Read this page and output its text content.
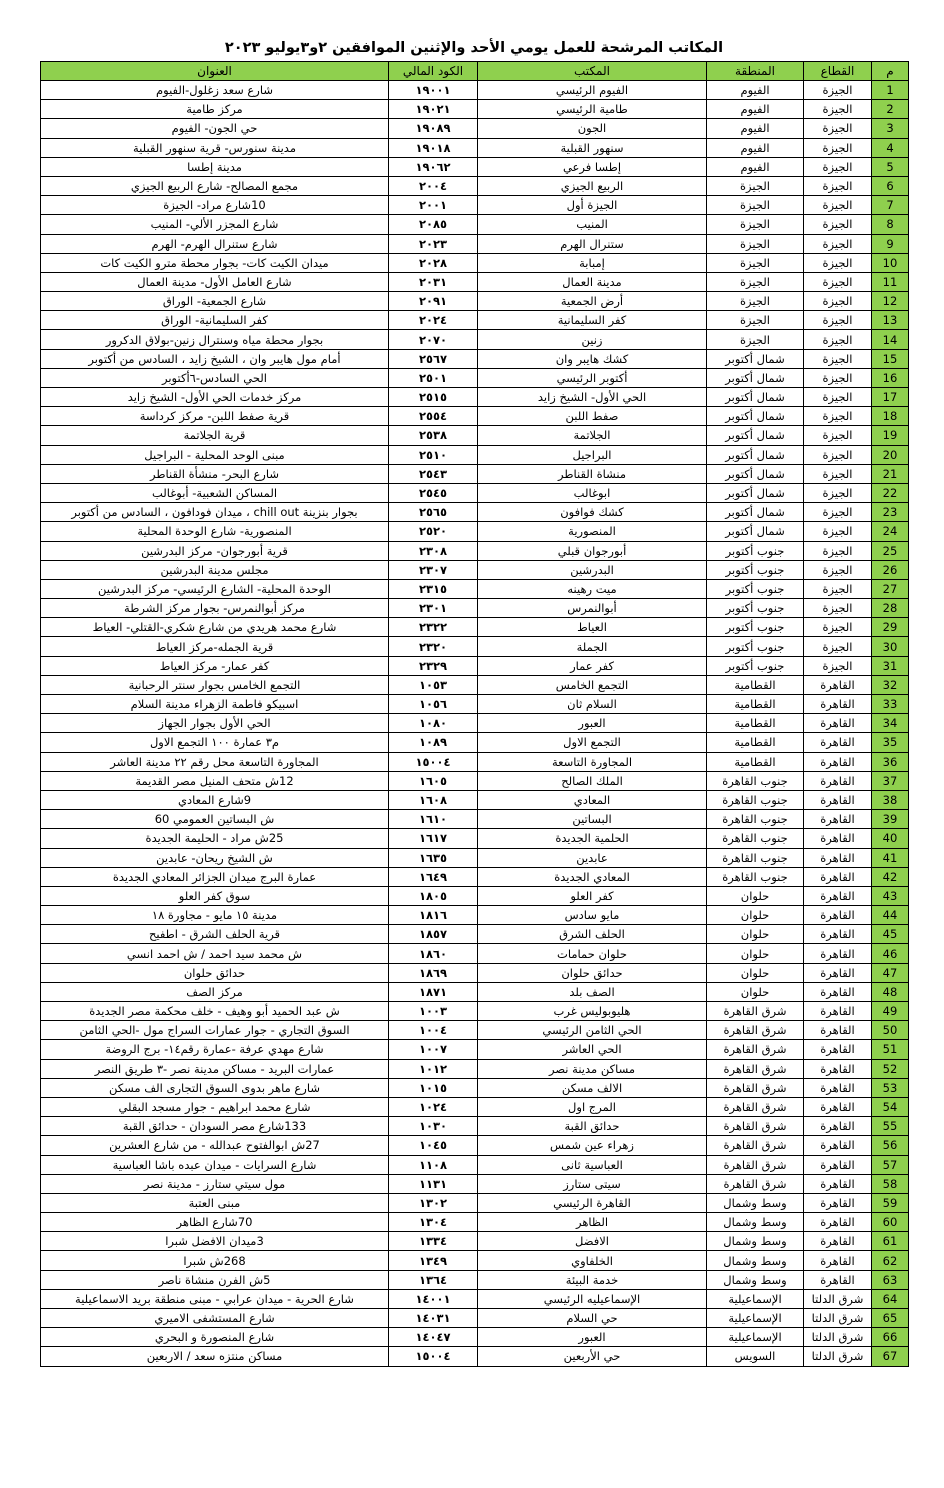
المكاتب المرشحة للعمل يومي الأحد والإثنين الموافقين ٢و٣يوليو ٢٠٢٣
م	القطاع	المنطقة	المكتب	الكود المالي	العنوان
1	الجيزة	الفيوم	الفيوم الرئيسي	١٩٠٠١	شارع سعد زغلول-الفيوم
2	الجيزة	الفيوم	طامية الرئيسي	١٩٠٢١	مركز طامية
3	الجيزة	الفيوم	الجون	١٩٠٨٩	حي الجون- الفيوم
4	الجيزة	الفيوم	سنهور القبلية	١٩٠١٨	مدينة سنورس- قرية سنهور القبلية
5	الجيزة	الفيوم	إطسا فرعي	١٩٠٦٢	مدينة إطسا
6	الجيزة	الجيزة	الربيع الجيزي	٢٠٠٤	مجمع المصالح- شارع الربيع الجيزي
7	الجيزة	الجيزة	الجيزة أول	٢٠٠١	10شارع مراد- الجيزة
8	الجيزة	الجيزة	المنيب	٢٠٨٥	شارع المجزر الألي- المنيب
9	الجيزة	الجيزة	ستنرال الهرم	٢٠٢٣	شارع ستنرال الهرم- الهرم
10	الجيزة	الجيزة	إمبابة	٢٠٢٨	ميدان الكيت كات- بجوار محطة مترو الكيت كات
11	الجيزة	الجيزة	مدينة العمال	٢٠٣١	شارع العامل الأول- مدينة العمال
12	الجيزة	الجيزة	أرض الجمعية	٢٠٩١	شارع الجمعية- الوراق
13	الجيزة	الجيزة	كفر السليمانية	٢٠٢٤	كفر السليمانية- الوراق
14	الجيزة	الجيزة	زنين	٢٠٧٠	بجوار محطة مياه وسنترال زنين-بولاق الدكرور
15	الجيزة	شمال أكتوبر	كشك هايبر وان	٢٥٦٧	أمام مول هايبر وان ، الشيخ زايد ، السادس من أكتوبر
16	الجيزة	شمال أكتوبر	أكتوبر الرئيسي	٢٥٠١	الحي السادس-٦أكتوبر
17	الجيزة	شمال أكتوبر	الحي الأول- الشيخ زايد	٢٥١٥	مركز خدمات الحي الأول- الشيخ زايد
18	الجيزة	شمال أكتوبر	صفط اللبن	٢٥٥٤	قرية صفط اللبن- مركز كرداسة
19	الجيزة	شمال أكتوبر	الجلاتمة	٢٥٣٨	قرية الجلاتمة
20	الجيزة	شمال أكتوبر	البراجيل	٢٥١٠	مبنى الوحد المحلية - البراجيل
21	الجيزة	شمال أكتوبر	منشاة القناطر	٢٥٤٣	شارع البحر- منشأة القناطر
22	الجيزة	شمال أكتوبر	ابوغالب	٢٥٤٥	المساكن الشعبية- أبوغالب
23	الجيزة	شمال أكتوبر	كشك فوافون	٢٥٦٥	بجوار بنزينة chill out ، ميدان فودافون ، السادس من أكتوبر
24	الجيزة	شمال أكتوبر	المنصورية	٢٥٢٠	المنصورية- شارع الوحدة المحلية
25	الجيزة	جنوب أكتوبر	أبورجوان قبلي	٢٣٠٨	قرية أبورجوان- مركز البدرشين
26	الجيزة	جنوب أكتوبر	البدرشين	٢٣٠٧	مجلس مدينة البدرشين
27	الجيزة	جنوب أكتوبر	ميت رهينه	٢٣١٥	الوحدة المحلية- الشارع الرئيسي- مركز البدرشين
28	الجيزة	جنوب أكتوبر	أبوالنمرس	٢٣٠١	مركز أبوالنمرس- بجوار مركز الشرطة
29	الجيزة	جنوب أكتوبر	العياط	٢٣٢٢	شارع محمد هريدي من شارع شكري-القتلي- العياط
30	الجيزة	جنوب أكتوبر	الجملة	٢٣٢٠	قرية الجمله-مركز العياط
31	الجيزة	جنوب أكتوبر	كفر عمار	٢٣٢٩	كفر عمار- مركز العياط
32	القاهرة	القطامية	التجمع الخامس	١٠٥٣	التجمع الخامس بجوار سنتر الرحبانية
33	القاهرة	القطامية	السلام ثان	١٠٥٦	اسبيكو فاطمة الزهراء مدينة السلام
34	القاهرة	القطامية	العبور	١٠٨٠	الحي الأول بجوار الجهاز
35	القاهرة	القطامية	التجمع الاول	١٠٨٩	م٣ عمارة ١٠٠ التجمع الاول
36	القاهرة	القطامية	المجاورة التاسعة	١٥٠٠٤	المجاورة التاسعة محل رقم ٢٢ مدينة العاشر
37	القاهرة	جنوب القاهرة	الملك الصالح	١٦٠٥	12ش متحف المنيل مصر القديمة
38	القاهرة	جنوب القاهرة	المعادي	١٦٠٨	9شارع المعادي
39	القاهرة	جنوب القاهرة	البساتين	١٦١٠	ش البساتين العمومي 60
40	القاهرة	جنوب القاهرة	الحلمية الجديدة	١٦١٧	25ش مراد - الحليمة الجديدة
41	القاهرة	جنوب القاهرة	عابدين	١٦٣٥	ش الشيخ ريحان- عابدين
42	القاهرة	جنوب القاهرة	المعادي الجديدة	١٦٤٩	عمارة البرج ميدان الجزائر المعادي الجديدة
43	القاهرة	حلوان	كفر العلو	١٨٠٥	سوق كفر العلو
44	القاهرة	حلوان	مايو سادس	١٨١٦	مدينة ١٥ مايو - مجاورة ١٨
45	القاهرة	حلوان	الحلف الشرق	١٨٥٧	قرية الحلف الشرق - اطفيح
46	القاهرة	حلوان	حلوان حمامات	١٨٦٠	ش محمد سيد احمد / ش احمد انسي
47	القاهرة	حلوان	حدائق حلوان	١٨٦٩	حدائق حلوان
48	القاهرة	حلوان	الصف بلد	١٨٧١	مركز الصف
49	القاهرة	شرق القاهرة	هليوبوليس غرب	١٠٠٣	ش عبد الحميد أبو وهيف - خلف محكمة مصر الجديدة
50	القاهرة	شرق القاهرة	الحي الثامن الرئيسي	١٠٠٤	السوق التجاري - جوار عمارات السراج مول -الحي الثامن
51	القاهرة	شرق القاهرة	الحي العاشر	١٠٠٧	شارع مهدي عرفة -عمارة رقم١٤- برج الروضة
52	القاهرة	شرق القاهرة	مساكن مدينة نصر	١٠١٢	عمارات البريد - مساكن مدينة نصر -٣ طريق النصر
53	القاهرة	شرق القاهرة	الالف مسكن	١٠١٥	شارع ماهر بدوى السوق التجارى الف مسكن
54	القاهرة	شرق القاهرة	المرج اول	١٠٢٤	شارع محمد ابراهيم - جوار مسجد البقلي
55	القاهرة	شرق القاهرة	حدائق القبة	١٠٣٠	133شارع مصر السودان - حدائق القبة
56	القاهرة	شرق القاهرة	زهراء عين شمس	١٠٤٥	27ش ابوالفتوح عبدالله - من شارع العشرين
57	القاهرة	شرق القاهرة	العباسية ثانى	١١٠٨	شارع السرايات - ميدان عبده باشا العباسية
58	القاهرة	شرق القاهرة	سيتى ستارز	١١٣١	مول سيتي ستارز - مدينة نصر
59	القاهرة	وسط وشمال	القاهرة الرئيسي	١٣٠٢	مبنى العتبة
60	القاهرة	وسط وشمال	الظاهر	١٣٠٤	70شارع الظاهر
61	القاهرة	وسط وشمال	الافضل	١٣٣٤	3ميدان الافضل شبرا
62	القاهرة	وسط وشمال	الخلفاوي	١٣٤٩	268ش شبرا
63	القاهرة	وسط وشمال	خدمة البيئة	١٣٦٤	5ش الفرن منشاة ناصر
64	شرق الدلتا	الإسماعيلية	الإسماعيليه الرئيسي	١٤٠٠١	شارع الحرية - ميدان عرابي - مبنى منطقة بريد الاسماعيلية
65	شرق الدلتا	الإسماعيلية	حي السلام	١٤٠٣١	شارع المستشفى الاميري
66	شرق الدلتا	الإسماعيلية	العبور	١٤٠٤٧	شارع المنصورة و البحري
67	شرق الدلتا	السويس	حي الأربعين	١٥٠٠٤	مساكن منتزه سعد / الاربعين
